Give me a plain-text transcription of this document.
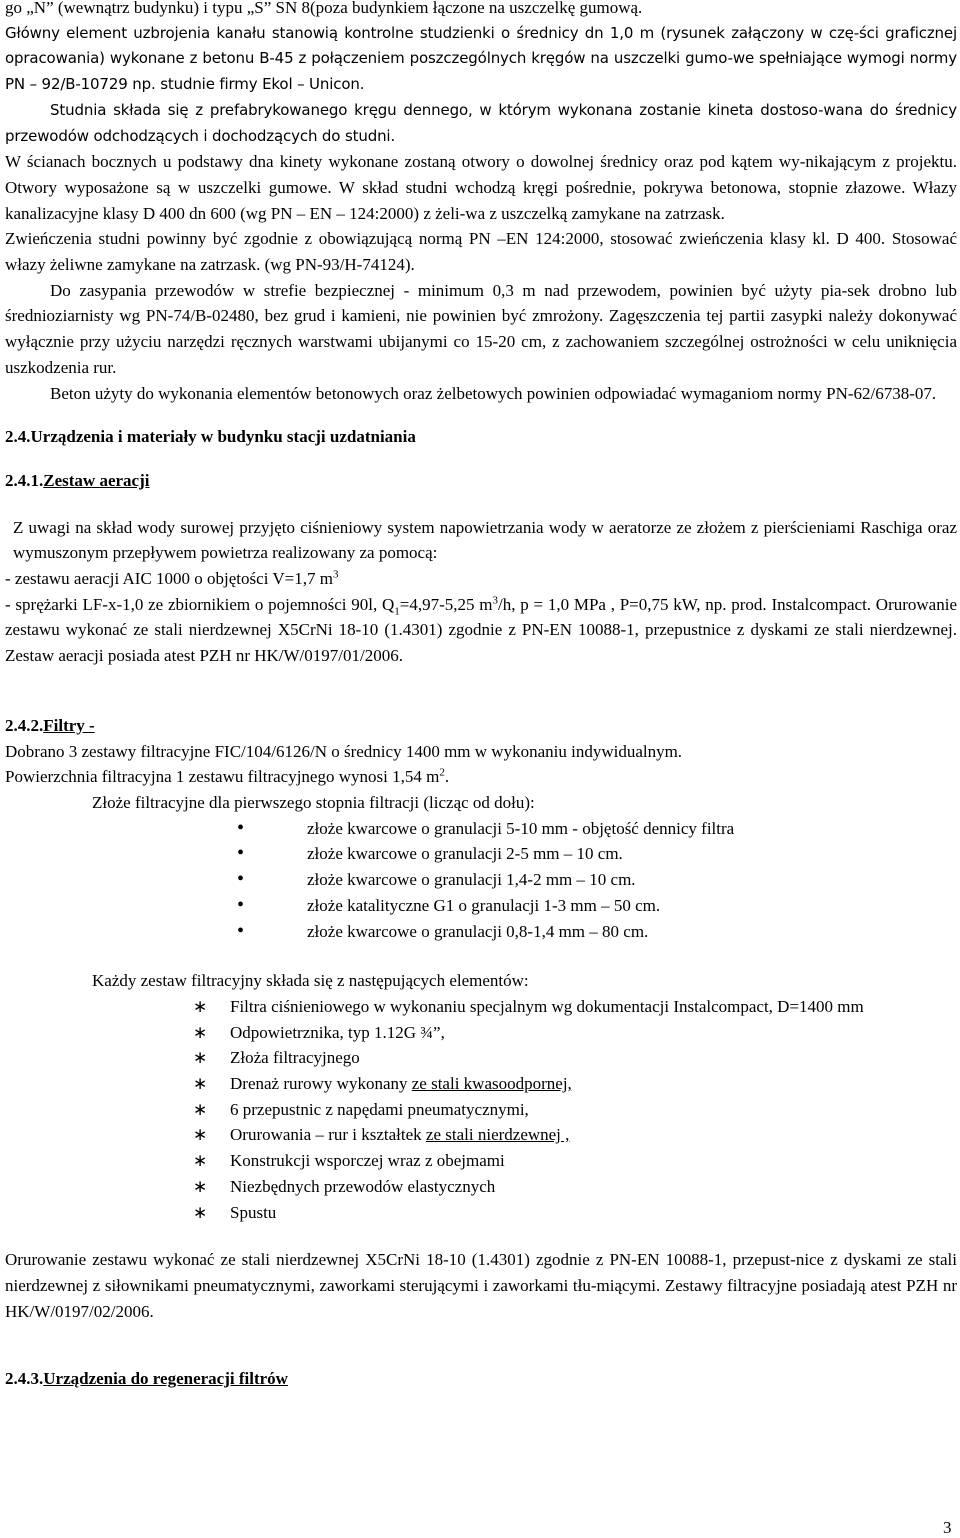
go „N” (wewnątrz budynku) i typu „S” SN 8(poza budynkiem łączone na uszczelkę gumową.

Główny element uzbrojenia kanału stanowią kontrolne studzienki o średnicy dn 1,0 m (rysunek załączony w czę-ści graficznej opracowania) wykonane z betonu B-45 z połączeniem poszczególnych kręgów na uszczelki gumo-we spełniające wymogi normy PN – 92/B-10729 np. studnie firmy Ekol – Unicon.

Studnia składa się z prefabrykowanego kręgu dennego, w którym wykonana zostanie kineta dostoso-wana do średnicy przewodów odchodzących i dochodzących do studni.

W ścianach bocznych u podstawy dna kinety wykonane zostaną otwory o dowolnej średnicy oraz pod kątem wy-nikającym z projektu. Otwory wyposażone są w uszczelki gumowe. W skład studni wchodzą kręgi pośrednie, pokrywa betonowa, stopnie złazowe. Włazy kanalizacyjne klasy D 400 dn 600 (wg PN – EN – 124:2000) z żeli-wa z uszczelką zamykane na zatrzask.

Zwieńczenia studni powinny być zgodnie z obowiązującą normą PN –EN 124:2000, stosować zwieńczenia klasy kl. D 400. Stosować włazy żeliwne zamykane na zatrzask. (wg PN-93/H-74124).

Do zasypania przewodów w strefie bezpiecznej - minimum 0,3 m nad przewodem, powinien być użyty pia-sek drobno lub średnioziarnisty wg PN-74/B-02480, bez grud i kamieni, nie powinien być zmrożony. Zagęszczenia tej partii zasypki należy dokonywać wyłącznie przy użyciu narzędzi ręcznych warstwami ubijanymi co 15-20 cm, z zachowaniem szczególnej ostrożności w celu uniknięcia uszkodzenia rur.

Beton użyty do wykonania elementów betonowych oraz żelbetowych powinien odpowiadać wymaganiom normy PN-62/6738-07.

2.4.Urządzenia i materiały w budynku stacji uzdatniania

2.4.1.Zestaw aeracji

Z uwagi na skład wody surowej przyjęto ciśnieniowy system napowietrzania wody w aeratorze ze złożem z pierścieniami Raschiga oraz wymuszonym przepływem powietrza realizowany za pomocą:

- zestawu aeracji AIC 1000 o objętości V=1,7 $m^3$

- sprężarki LF-x-1,0 ze zbiornikiem o pojemności 90l, $Q_1=4,97-5,25$ $m^3/h$, p = 1,0 MPa , P=0,75 kW, np. prod. Instalcompact. Orurowanie zestawu wykonać ze stali nierdzewnej X5CrNi 18-10 (1.4301) zgodnie z PN-EN 10088-1, przepustnice z dyskami ze stali nierdzewnej. Zestaw aeracji posiada atest PZH nr HK/W/0197/01/2006.

2.4.2.Filtry -

Dobrano 3 zestawy filtracyjne FIC/104/6126/N o średnicy 1400 mm w wykonaniu indywidualnym.

Powierzchnia filtracyjna 1 zestawu filtracyjnego wynosi 1,54 $m^2$.

Złoże filtracyjne dla pierwszego stopnia filtracji (licząc od dołu):

• złoże kwarcowe o granulacji 5-10 mm - objętość dennicy filtra
• złoże kwarcowe o granulacji 2-5 mm – 10 cm.
• złoże kwarcowe o granulacji 1,4-2 mm – 10 cm.
• złoże katalityczne G1 o granulacji 1-3 mm – 50 cm.
• złoże kwarcowe o granulacji 0,8-1,4 mm – 80 cm.

Każdy zestaw filtracyjny składa się z następujących elementów:

∗ Filtra ciśnieniowego w wykonaniu specjalnym wg dokumentacji Instalcompact, D=1400 mm
∗ Odpowietrznika, typ 1.12G ¾”,
∗ Złoża filtracyjnego
∗ Drenaż rurowy wykonany ze stali kwasoodpornej,
∗ 6 przepustnic z napędami pneumatycznymi,
∗ Orurowania – rur i kształtek ze stali nierdzewnej ,
∗ Konstrukcji wsporczej wraz z obejmami
∗ Niezbędnych przewodów elastycznych
∗ Spustu

Orurowanie zestawu wykonać ze stali nierdzewnej X5CrNi 18-10 (1.4301) zgodnie z PN-EN 10088-1, przepust-nice z dyskami ze stali nierdzewnej z siłownikami pneumatycznymi, zaworkami sterującymi i zaworkami tłu-miącymi. Zestawy filtracyjne posiadają atest PZH nr HK/W/0197/02/2006.

2.4.3.Urządzenia do regeneracji filtrów

3
